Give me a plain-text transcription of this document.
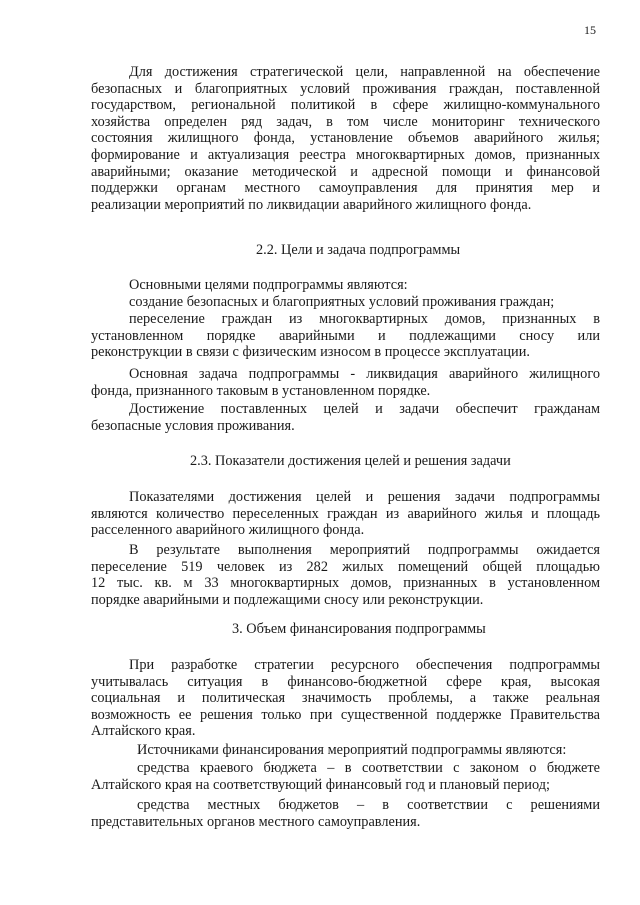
15
Для достижения стратегической цели, направленной на обеспечение
безопасных и благоприятных условий проживания граждан, поставленной
государством, региональной политикой в сфере жилищно-коммунального
хозяйства определен ряд задач, в том числе мониторинг технического
состояния жилищного фонда, установление объемов аварийного жилья;
формирование и актуализация реестра многоквартирных домов, признанных
аварийными; оказание методической и адресной помощи и финансовой
поддержки органам местного самоуправления для принятия мер и
реализации мероприятий по ликвидации аварийного жилищного фонда.
2.2. Цели и задача подпрограммы
Основными целями подпрограммы являются:
создание безопасных и благоприятных условий проживания граждан;
переселение граждан из многоквартирных домов, признанных в
установленном порядке аварийными и подлежащими сносу или
реконструкции в связи с физическим износом в процессе эксплуатации.
Основная задача подпрограммы - ликвидация аварийного жилищного
фонда, признанного таковым в установленном порядке.
Достижение поставленных целей и задачи обеспечит гражданам
безопасные условия проживания.
2.3. Показатели достижения целей и решения задачи
Показателями достижения целей и решения задачи подпрограммы
являются количество переселенных граждан из аварийного жилья и площадь
расселенного аварийного жилищного фонда.
В результате выполнения мероприятий подпрограммы ожидается
переселение 519 человек из 282 жилых помещений общей площадью
12 тыс. кв. м 33 многоквартирных домов, признанных в установленном
порядке аварийными и подлежащими сносу или реконструкции.
3. Объем финансирования подпрограммы
При разработке стратегии ресурсного обеспечения подпрограммы
учитывалась ситуация в финансово-бюджетной сфере края, высокая
социальная и политическая значимость проблемы, а также реальная
возможность ее решения только при существенной поддержке Правительства
Алтайского края.
Источниками финансирования мероприятий подпрограммы являются:
средства краевого бюджета – в соответствии с законом о бюджете
Алтайского края на соответствующий финансовый год и плановый период;
средства местных бюджетов – в соответствии с решениями
представительных органов местного самоуправления.
